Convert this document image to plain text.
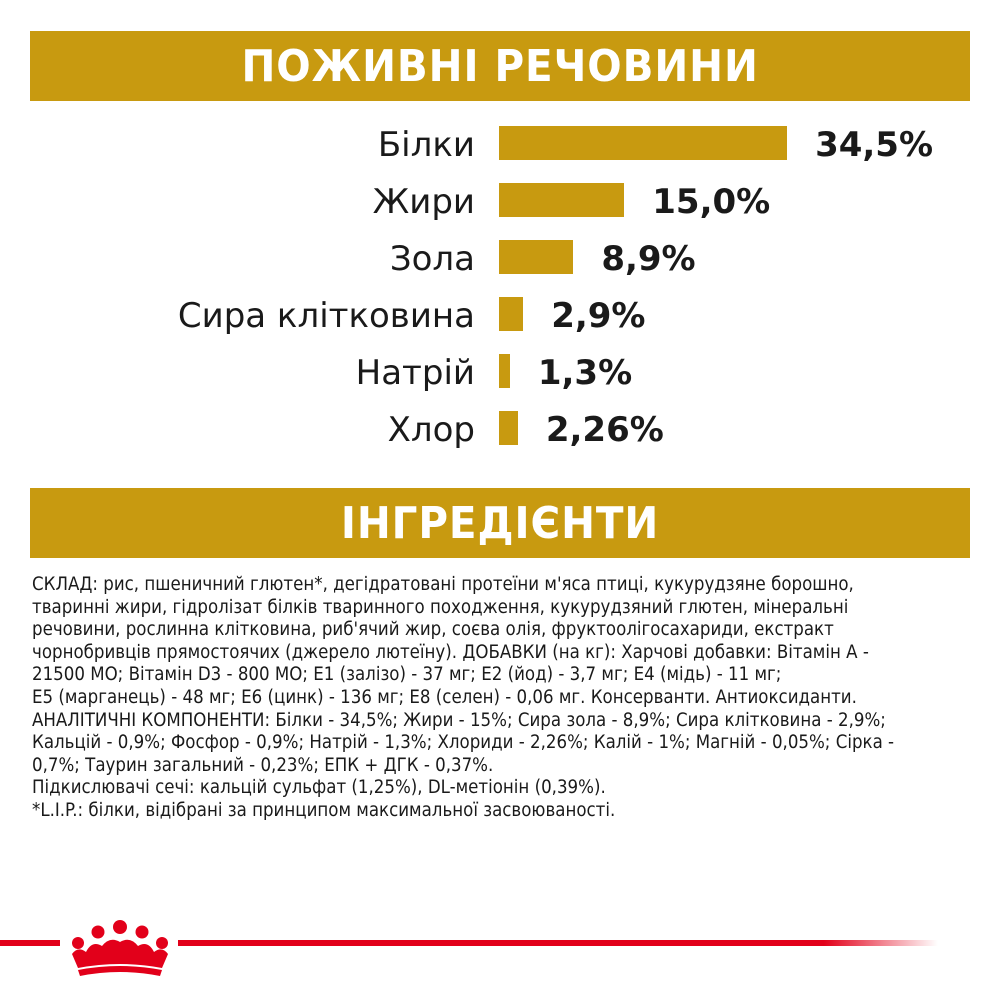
ПОЖИВНІ РЕЧОВИНИ
Білки	34,5%
Жири	15,0%
Зола	8,9%
Сира клітковина 2,9%
Натрій 1,3%
Хлор 2,26%
ІНГРЕДІЄНТИ

СКЛАД: рис, пшеничний глютен*, дегідратовані протеїни м'яса птиці, кукурудзяне борошно,

тваринні жири, гідролізат білків тваринного походження, кукурудзяний глютен, мінеральні

речовини, рослинна клітковина, риб'ячий жир, соєва олія, фруктоолігосахариди, екстракт

чорнобривців прямостоячих (джерело лютеїну). ДОБАВКИ (на кг): Харчові добавки: Вітамін А -

21500 МО; Вітамін D3 - 800 МО; Е1 (залізо) - 37 мг; Е2 (йод) - 3,7 мг; Е4 (мідь) - 11 мг;

Е5 (марганець) - 48 мг; Е6 (цинк) - 136 мг; Е8 (селен) - 0,06 мг. Консерванти. Антиоксиданти.

АНАЛІТИЧНІ КОМПОНЕНТИ: Білки - 34,5%; Жири - 15%; Сира зола - 8,9%; Сира клітковина - 2,9%;

Кальцій - 0,9%; Фосфор - 0,9%; Натрій - 1,3%; Хлориди - 2,26%; Калій - 1%; Магній - 0,05%; Сірка -

0,7%; Таурин загальний - 0,23%; ЕПК + ДГК - 0,37%.

Підкислювачі сечі: кальцій сульфат (1,25%), DL-метіонін (0,39%).

*L.I.P.: білки, відібрані за принципом максимальної засвоюваності.
